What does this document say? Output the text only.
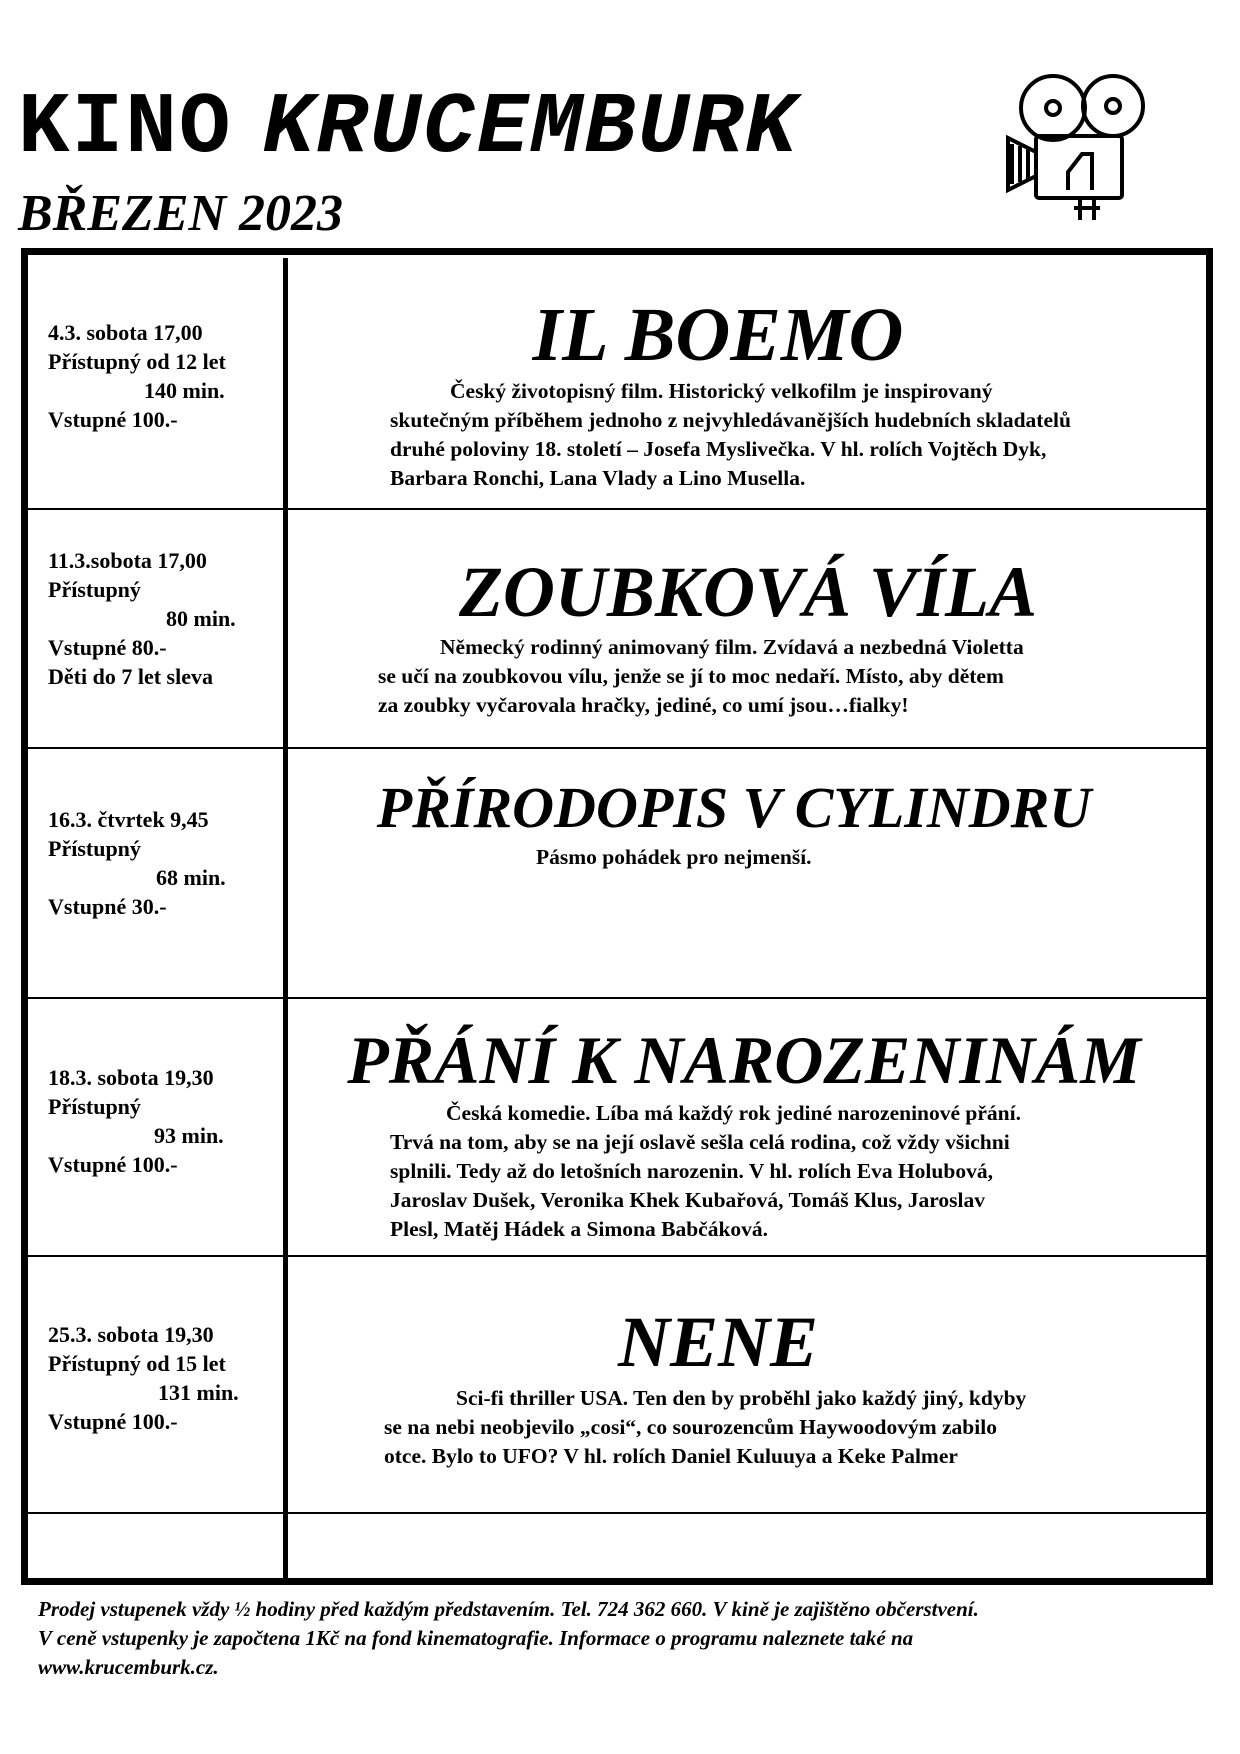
KINO KRUCEMBURK
BŘEZEN 2023
4.3. sobota 17,00
Přístupný od 12 let
140 min.
Vstupné 100.-
IL BOEMO
Český životopisný film. Historický velkofilm je inspirovaný
skutečným příběhem jednoho z nejvyhledávanějších hudebních skladatelů
druhé poloviny 18. století – Josefa Myslivečka. V hl. rolích Vojtěch Dyk,
Barbara Ronchi, Lana Vlady a Lino Musella.
11.3.sobota 17,00
Přístupný
80 min.
Vstupné 80.-
Děti do 7 let sleva
ZOUBKOVÁ VÍLA
Německý rodinný animovaný film. Zvídavá a nezbedná Violetta
se učí na zoubkovou vílu, jenže se jí to moc nedaří. Místo, aby dětem
za zoubky vyčarovala hračky, jediné, co umí jsou…fialky!
16.3. čtvrtek 9,45
Přístupný
68 min.
Vstupné 30.-
PŘÍRODOPIS V CYLINDRU
Pásmo pohádek pro nejmenší.
18.3. sobota 19,30
Přístupný
93 min.
Vstupné 100.-
PŘÁNÍ K NAROZENINÁM
Česká komedie. Líba má každý rok jediné narozeninové přání.
Trvá na tom, aby se na její oslavě sešla celá rodina, což vždy všichni
splnili. Tedy až do letošních narozenin. V hl. rolích Eva Holubová,
Jaroslav Dušek, Veronika Khek Kubařová, Tomáš Klus, Jaroslav
Plesl, Matěj Hádek a Simona Babčáková.
25.3. sobota 19,30
Přístupný od 15 let
131 min.
Vstupné 100.-
NENE
Sci-fi thriller USA. Ten den by proběhl jako každý jiný, kdyby
se na nebi neobjevilo „cosi“, co sourozencům Haywoodovým zabilo
otce. Bylo to UFO? V hl. rolích Daniel Kuluuya a Keke Palmer
Prodej vstupenek vždy ½ hodiny před každým představením. Tel. 724 362 660. V kině je zajištěno občerstvení.
V ceně vstupenky je započtena 1Kč na fond kinematografie. Informace o programu naleznete také na
www.krucemburk.cz.
